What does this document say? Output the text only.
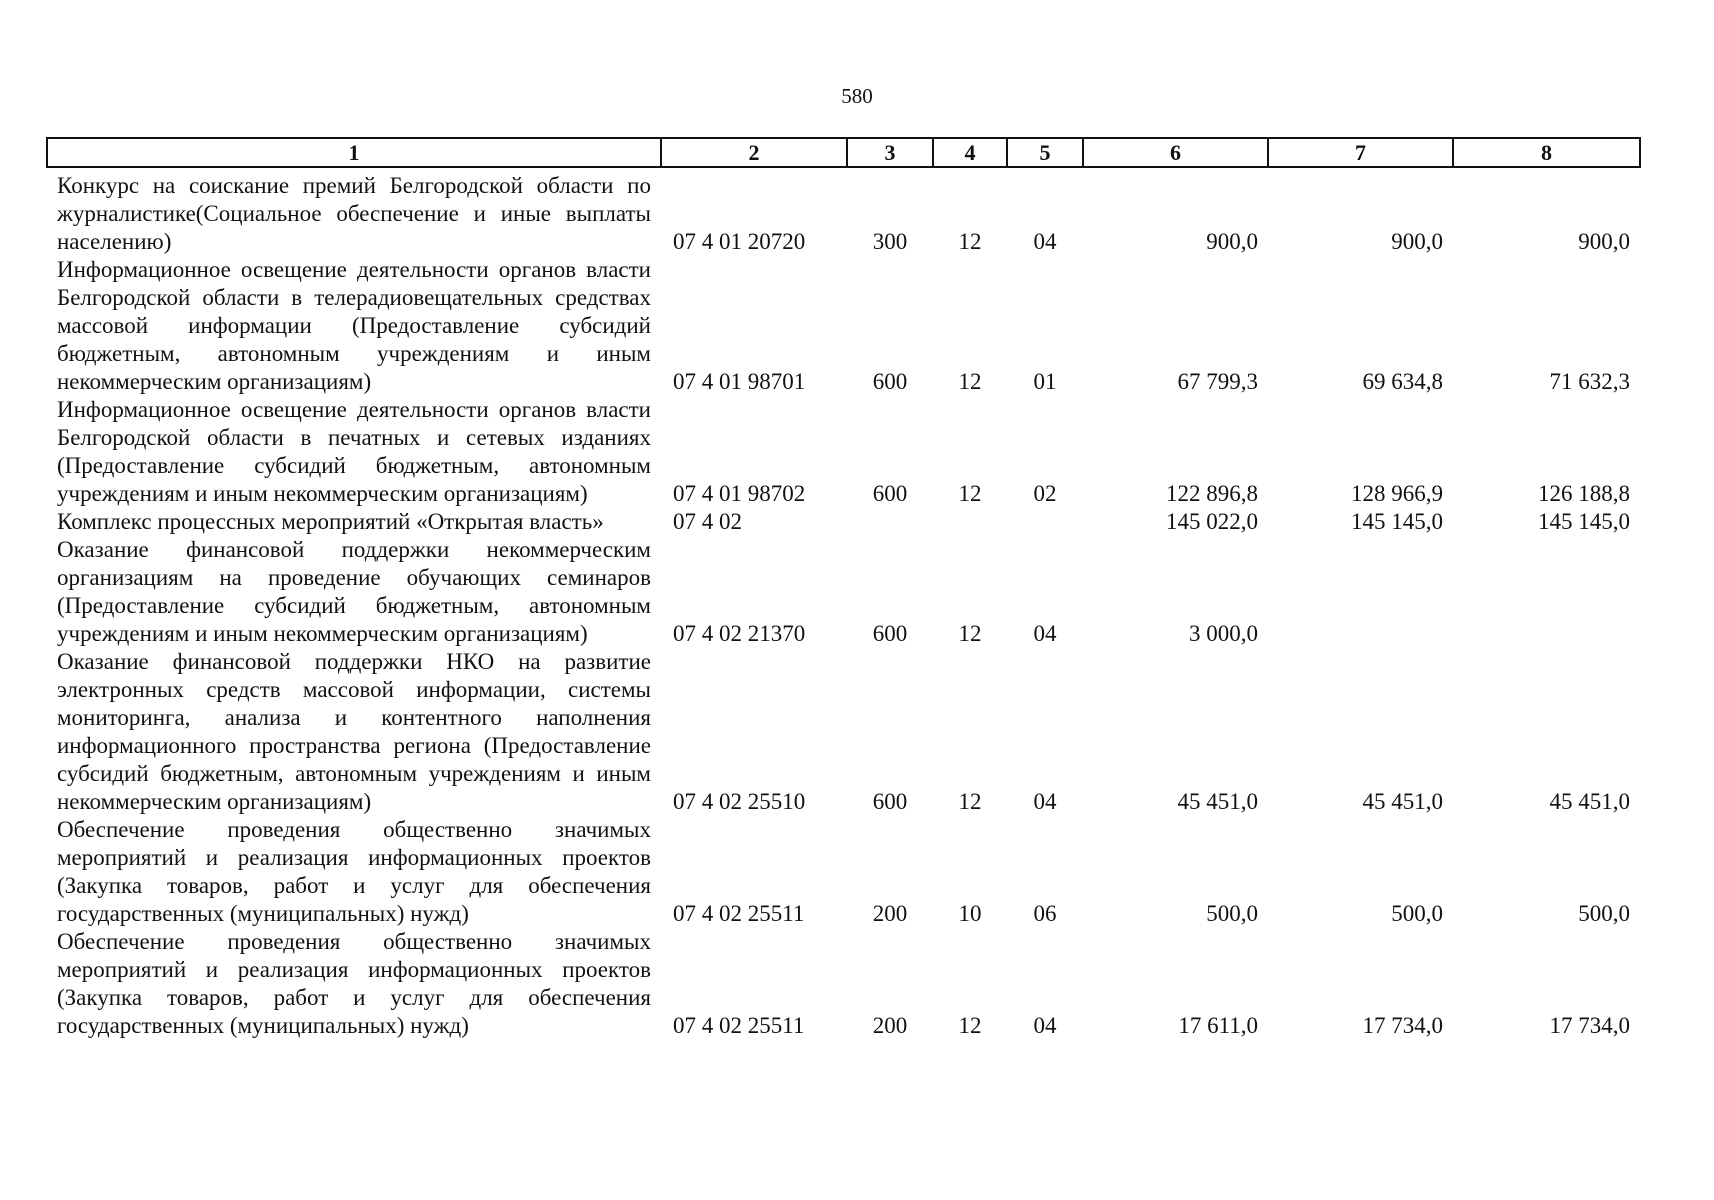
580
1	2	3	4	5	6	7	8
Конкурс на соискание премий Белгородской области по журналистике(Социальное обеспечение и иные выплаты населению)	07 4 01 20720	300	12	04	900,0	900,0	900,0
Информационное освещение деятельности органов власти Белгородской области в телерадиовещательных средствах массовой информации (Предоставление субсидий бюджетным, автономным учреждениям и иным некоммерческим организациям)	07 4 01 98701	600	12	01	67 799,3	69 634,8	71 632,3
Информационное освещение деятельности органов власти Белгородской области в печатных и сетевых изданиях (Предоставление субсидий бюджетным, автономным учреждениям и иным некоммерческим организациям)	07 4 01 98702	600	12	02	122 896,8	128 966,9	126 188,8
Комплекс процессных мероприятий «Открытая власть»	07 4 02				145 022,0	145 145,0	145 145,0
Оказание финансовой поддержки некоммерческим организациям на проведение обучающих семинаров (Предоставление субсидий бюджетным, автономным учреждениям и иным некоммерческим организациям)	07 4 02 21370	600	12	04	3 000,0		
Оказание финансовой поддержки НКО на развитие электронных средств массовой информации, системы мониторинга, анализа и контентного наполнения информационного пространства региона (Предоставление субсидий бюджетным, автономным учреждениям и иным некоммерческим организациям)	07 4 02 25510	600	12	04	45 451,0	45 451,0	45 451,0
Обеспечение проведения общественно значимых мероприятий и реализация информационных проектов (Закупка товаров, работ и услуг для обеспечения государственных (муниципальных) нужд)	07 4 02 25511	200	10	06	500,0	500,0	500,0
Обеспечение проведения общественно значимых мероприятий и реализация информационных проектов (Закупка товаров, работ и услуг для обеспечения государственных (муниципальных) нужд)	07 4 02 25511	200	12	04	17 611,0	17 734,0	17 734,0
